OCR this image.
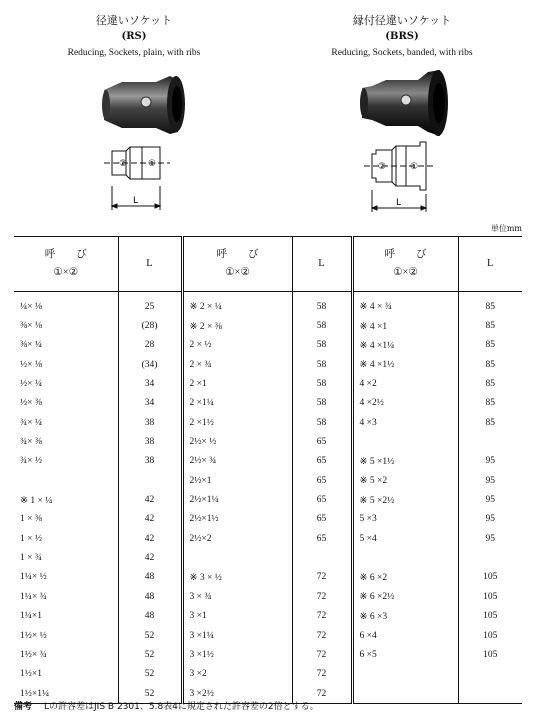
径違いソケット
(RS)
Reducing, Sockets, plain, with ribs
② ①
L
縁付径違いソケット
(BRS)
Reducing, Sockets, banded, with ribs
②	①
L
単位mm
呼　　び
①×②	L	呼　　び
①×②	L	呼　　び
①×②	L
¼× ⅛	25	※ 2 × ¼	58	※ 4 × ¾	85
⅜× ⅛	(28)	※ 2 × ⅜	58	※ 4 ×1	85
⅜× ¼	28	2 × ½	58	※ 4 ×1¼	85
½× ⅛	(34)	2 × ¾	58	※ 4 ×1½	85
½× ¼	34	2 ×1	58	4 ×2	85
½× ⅜	34	2 ×1¼	58	4 ×2½	85
¾× ¼	38	2 ×1½	58	4 ×3	85
¾× ⅜	38	2½× ½	65		
¾× ½	38	2½× ¾	65	※ 5 ×1½	95
		2½×1	65	※ 5 ×2	95
※ 1 × ¼	42	2½×1¼	65	※ 5 ×2½	95
1 × ⅜	42	2½×1½	65	5 ×3	95
1 × ½	42	2½×2	65	5 ×4	95
1 × ¾	42				
1¼× ½	48	※ 3 × ½	72	※ 6 ×2	105
1¼× ¾	48	3 × ¾	72	※ 6 ×2½	105
1¼×1	48	3 ×1	72	※ 6 ×3	105
1½× ½	52	3 ×1¼	72	6 ×4	105
1½× ¾	52	3 ×1½	72	6 ×5	105
1½×1	52	3 ×2	72		
1½×1¼	52	3 ×2½	72		
備考 Lの許容差はJIS B 2301、5.8表4に規定された許容差の2倍とする。
